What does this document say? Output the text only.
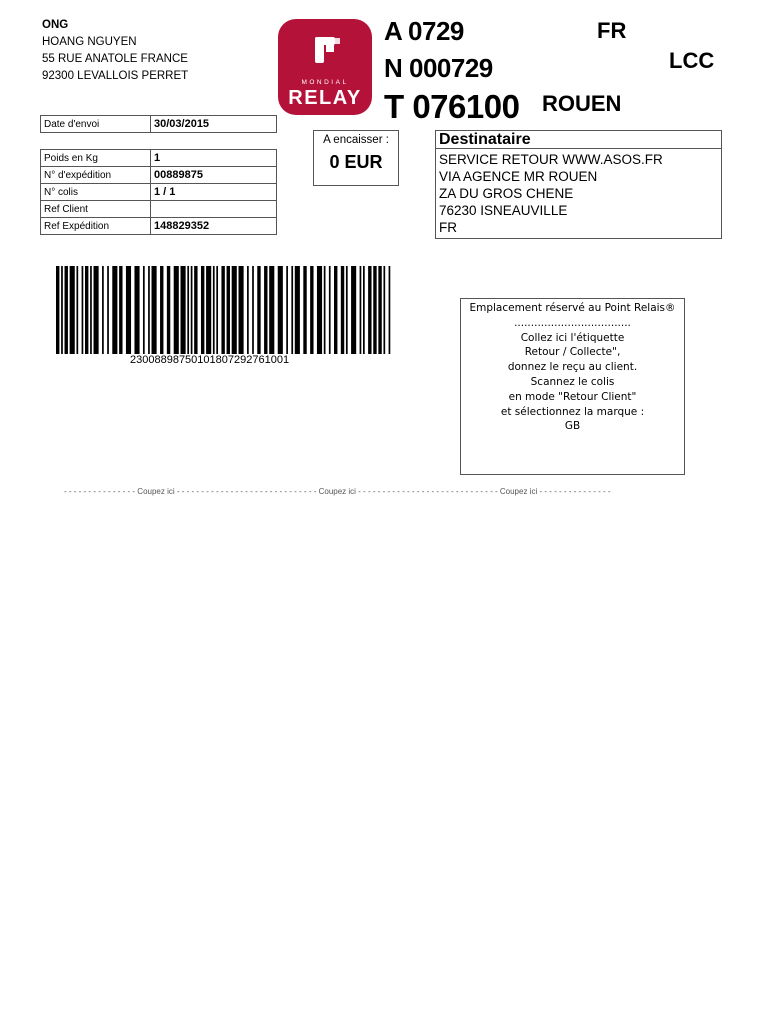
ONG
HOANG NGUYEN
55 RUE ANATOLE FRANCE
92300 LEVALLOIS PERRET
MONDIAL
RELAY
A 0729
N 000729
T 076100
FR
LCC
ROUEN
Date d'envoi	30/03/2015
Poids en Kg	1
N° d'expédition	00889875
N° colis	1 / 1
Ref Client	
Ref Expédition	148829352
A encaisser :
0 EUR
Destinataire
SERVICE RETOUR WWW.ASOS.FR
VIA AGENCE MR ROUEN
ZA DU GROS CHENE
76230 ISNEAUVILLE
FR
23008898750101807292761001
Emplacement réservé au Point Relais®
...................................
Collez ici l'étiquette
Retour / Collecte",
donnez le reçu au client.
Scannez le colis
en mode "Retour Client"
et sélectionnez la marque :
GB
- - - - - - - - - - - - - - - Coupez ici - - - - - - - - - - - - - - - - - - - - - - - - - - - - - Coupez ici - - - - - - - - - - - - - - - - - - - - - - - - - - - - - Coupez ici - - - - - - - - - - - - - - -
